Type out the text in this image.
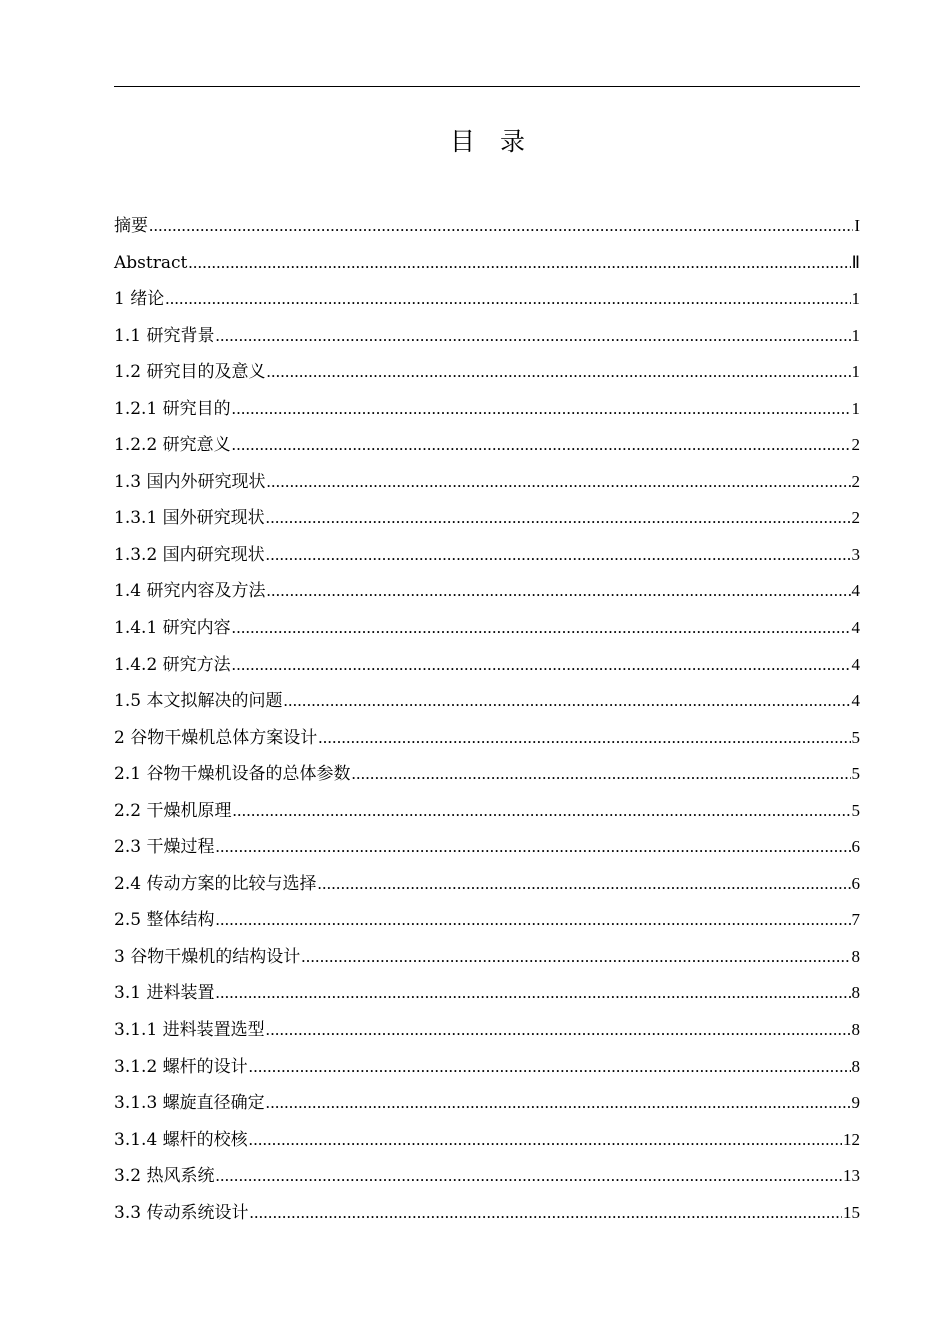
目　录
摘要 .....	I
Abstract .....	Ⅱ
1 绪论 .....	1
1.1 研究背景 .....	1
1.2 研究目的及意义 .....	1
1.2.1 研究目的 .....	1
1.2.2 研究意义 .....	2
1.3 国内外研究现状 .....	2
1.3.1 国外研究现状 .....	2
1.3.2 国内研究现状 .....	3
1.4 研究内容及方法 .....	4
1.4.1 研究内容 .....	4
1.4.2 研究方法 .....	4
1.5 本文拟解决的问题 .....	4
2 谷物干燥机总体方案设计 .....	5
2.1 谷物干燥机设备的总体参数 .....	5
2.2 干燥机原理 .....	5
2.3 干燥过程 .....	6
2.4 传动方案的比较与选择 .....	6
2.5 整体结构 .....	7
3 谷物干燥机的结构设计 .....	8
3.1 进料装置 .....	8
3.1.1 进料装置选型 .....	8
3.1.2 螺杆的设计 .....	8
3.1.3 螺旋直径确定 .....	9
3.1.4 螺杆的校核 .....	12
3.2 热风系统 .....	13
3.3 传动系统设计 .....	15
